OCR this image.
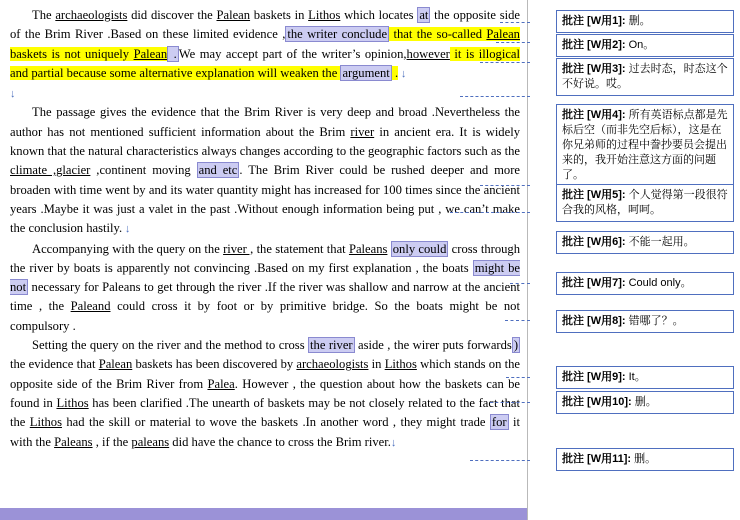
The archaeologists did discover the Palean baskets in Lithos which locates at the opposite side of the Brim River .Based on these limited evidence , the writer conclude that the so-called Palean baskets is not uniquely Palean . We may accept part of the writer’s opinion,however it is illogical and partial because some alternative explanation will weaken the argument . ↓

↓

The passage gives the evidence that the Brim River is very deep and broad .Nevertheless the author has not mentioned sufficient information about the Brim river in ancient era. It is widely known that the natural characteristics always changes according to the geographic factors such as the climate ,glacier ,continent moving and etc . The Brim River could be rushed deeper and more broaden with time went by and its water quantity might has increased for 100 times since the ancient years .Maybe it was just a valet in the past .Without enough information being put , we can’t make the conclusion hastily. ↓

Accompanying with the query on the river , the statement that Paleans only could cross through the river by boats is apparently not convincing .Based on my first explanation , the boats might be not necessary for Paleans to get through the river .If the river was shallow and narrow at the ancient time , the Paleand could cross it by foot or by primitive bridge. So the boats might be not compulsory .

Setting the query on the river and the method to cross the river aside , the wirer puts forwards ) the evidence that Palean baskets has been discovered by archaeologists in Lithos which stands on the opposite side of the Brim River from Palea. However , the question about how the baskets can be found in Lithos has been clarified .The unearth of baskets may be not closely related to the fact that the Lithos had the skill or material to wove the baskets .In another word , they might trade for it with the Paleans , if the paleans did have the chance to cross the Brim river.↓

批注 [W用1]: 删。
批注 [W用2]: On。
批注 [W用3]: 过去时态，时态这个不好说。哎。
批注 [W用4]: 所有英语标点都是先标后空（而非先空后标），这是在你兄弟师的过程中誊抄要员会提出来的，我开始注意这方面的问题了。
批注 [W用5]: 个人觉得第一段很符合我的风格，呵呵。
批注 [W用6]: 不能一起用。
批注 [W用7]: Could only。
批注 [W用8]: 错哪了？。
批注 [W用9]: It。
批注 [W用10]: 删。
批注 [W用11]: 删。
